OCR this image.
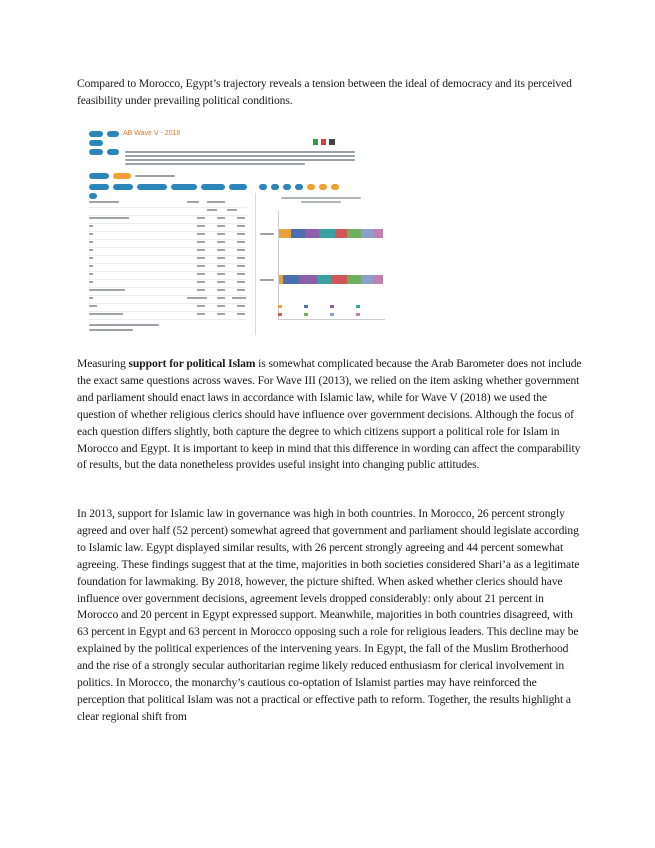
Compared to Morocco, Egypt’s trajectory reveals a tension between the ideal of democracy and its perceived feasibility under prevailing political conditions.

AB Wave V - 2018

Measuring support for political Islam is somewhat complicated because the Arab Barometer does not include the exact same questions across waves. For Wave III (2013), we relied on the item asking whether government and parliament should enact laws in accordance with Islamic law, while for Wave V (2018) we used the question of whether religious clerics should have influence over government decisions. Although the focus of each question differs slightly, both capture the degree to which citizens support a political role for Islam in Morocco and Egypt. It is important to keep in mind that this difference in wording can affect the comparability of results, but the data nonetheless provides useful insight into changing public attitudes.

In 2013, support for Islamic law in governance was high in both countries. In Morocco, 26 percent strongly agreed and over half (52 percent) somewhat agreed that government and parliament should legislate according to Islamic law. Egypt displayed similar results, with 26 percent strongly agreeing and 44 percent somewhat agreeing. These findings suggest that at the time, majorities in both societies considered Shari’a as a legitimate foundation for lawmaking. By 2018, however, the picture shifted. When asked whether clerics should have influence over government decisions, agreement levels dropped considerably: only about 21 percent in Morocco and 20 percent in Egypt expressed support. Meanwhile, majorities in both countries disagreed, with 63 percent in Egypt and 63 percent in Morocco opposing such a role for religious leaders. This decline may be explained by the political experiences of the intervening years. In Egypt, the fall of the Muslim Brotherhood and the rise of a strongly secular authoritarian regime likely reduced enthusiasm for clerical involvement in politics. In Morocco, the monarchy’s cautious co-optation of Islamist parties may have reinforced the perception that political Islam was not a practical or effective path to reform. Together, the results highlight a clear regional shift from
